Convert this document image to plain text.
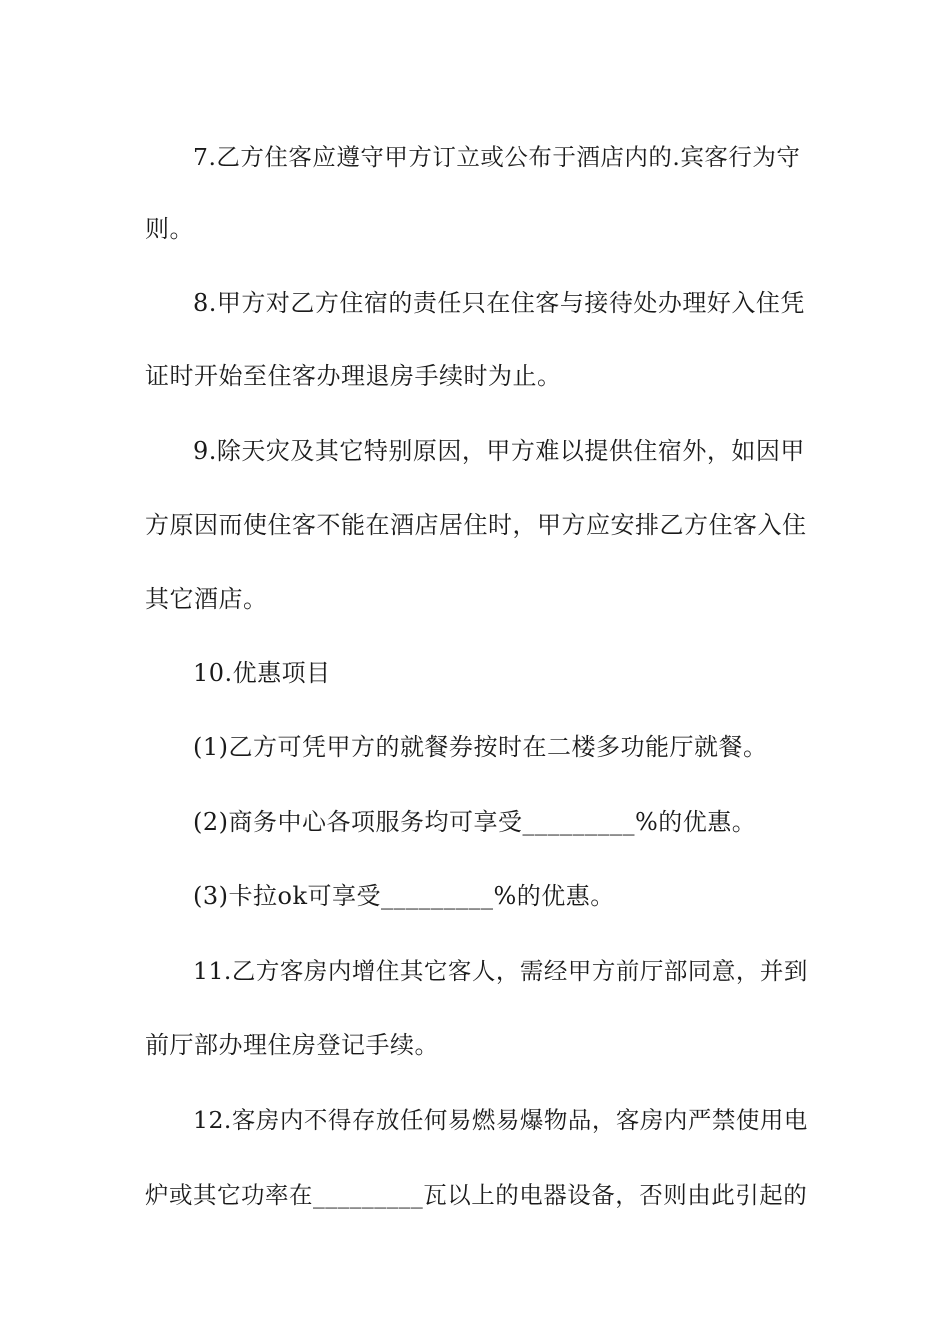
7.乙方住客应遵守甲方订立或公布于酒店内的.宾客行为守
则。
8.甲方对乙方住宿的责任只在住客与接待处办理好入住凭
证时开始至住客办理退房手续时为止。
9.除天灾及其它特别原因，甲方难以提供住宿外，如因甲
方原因而使住客不能在酒店居住时，甲方应安排乙方住客入住
其它酒店。
10.优惠项目
(1)乙方可凭甲方的就餐券按时在二楼多功能厅就餐。
(2)商务中心各项服务均可享受_________%的优惠。
(3)卡拉ok可享受_________%的优惠。
11.乙方客房内增住其它客人，需经甲方前厅部同意，并到
前厅部办理住房登记手续。
12.客房内不得存放任何易燃易爆物品，客房内严禁使用电
炉或其它功率在_________瓦以上的电器设备，否则由此引起的
